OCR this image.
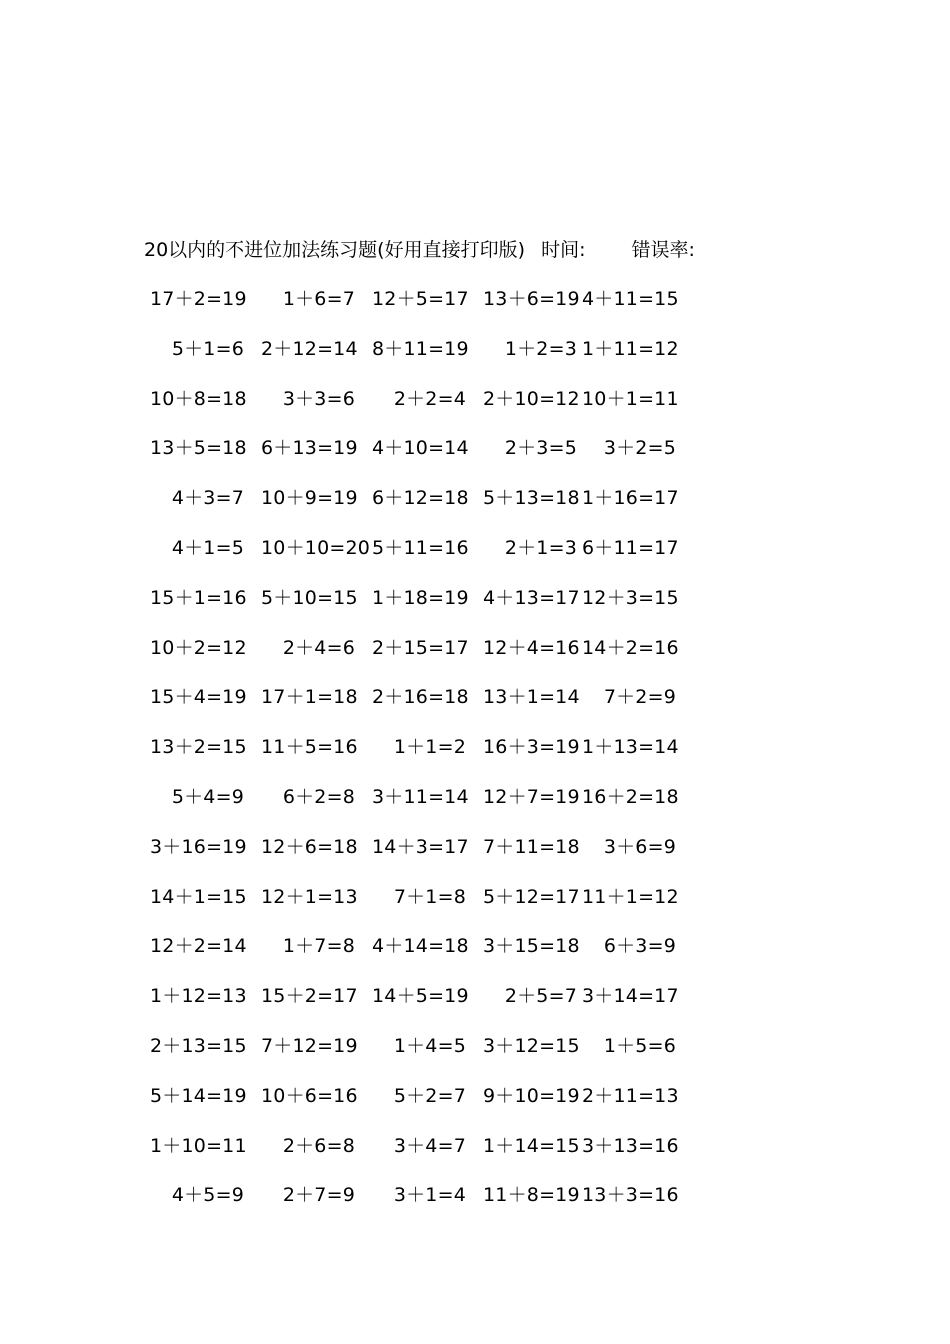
20以内的不进位加法练习题(好用直接打印版) 时间: 错误率:
17＋2=19	1＋6=7 12＋5=17 13＋6=19 4＋11=15
5＋1=6 2＋12=14 8＋11=19	1＋2=3 1＋11=12
10＋8=18	3＋3=6	2＋2=4 2＋10=12 10＋1=11
13＋5=18 6＋13=19 4＋10=14	2＋3=5	3＋2=5
4＋3=7 10＋9=19 6＋12=18 5＋13=18 1＋16=17
4＋1=5 10＋10=20 5＋11=16	2＋1=3 6＋11=17
15＋1=16 5＋10=15 1＋18=19 4＋13=17 12＋3=15
10＋2=12	2＋4=6 2＋15=17 12＋4=16 14＋2=16
15＋4=19 17＋1=18 2＋16=18 13＋1=14	7＋2=9
13＋2=15 11＋5=16	1＋1=2 16＋3=19 1＋13=14
5＋4=9	6＋2=8 3＋11=14 12＋7=19 16＋2=18
3＋16=19 12＋6=18 14＋3=17 7＋11=18	3＋6=9
14＋1=15 12＋1=13	7＋1=8 5＋12=17 11＋1=12
12＋2=14	1＋7=8 4＋14=18 3＋15=18	6＋3=9
1＋12=13 15＋2=17 14＋5=19	2＋5=7 3＋14=17
2＋13=15 7＋12=19	1＋4=5 3＋12=15	1＋5=6
5＋14=19 10＋6=16	5＋2=7 9＋10=19 2＋11=13
1＋10=11	2＋6=8	3＋4=7 1＋14=15 3＋13=16
4＋5=9	2＋7=9	3＋1=4 11＋8=19 13＋3=16
